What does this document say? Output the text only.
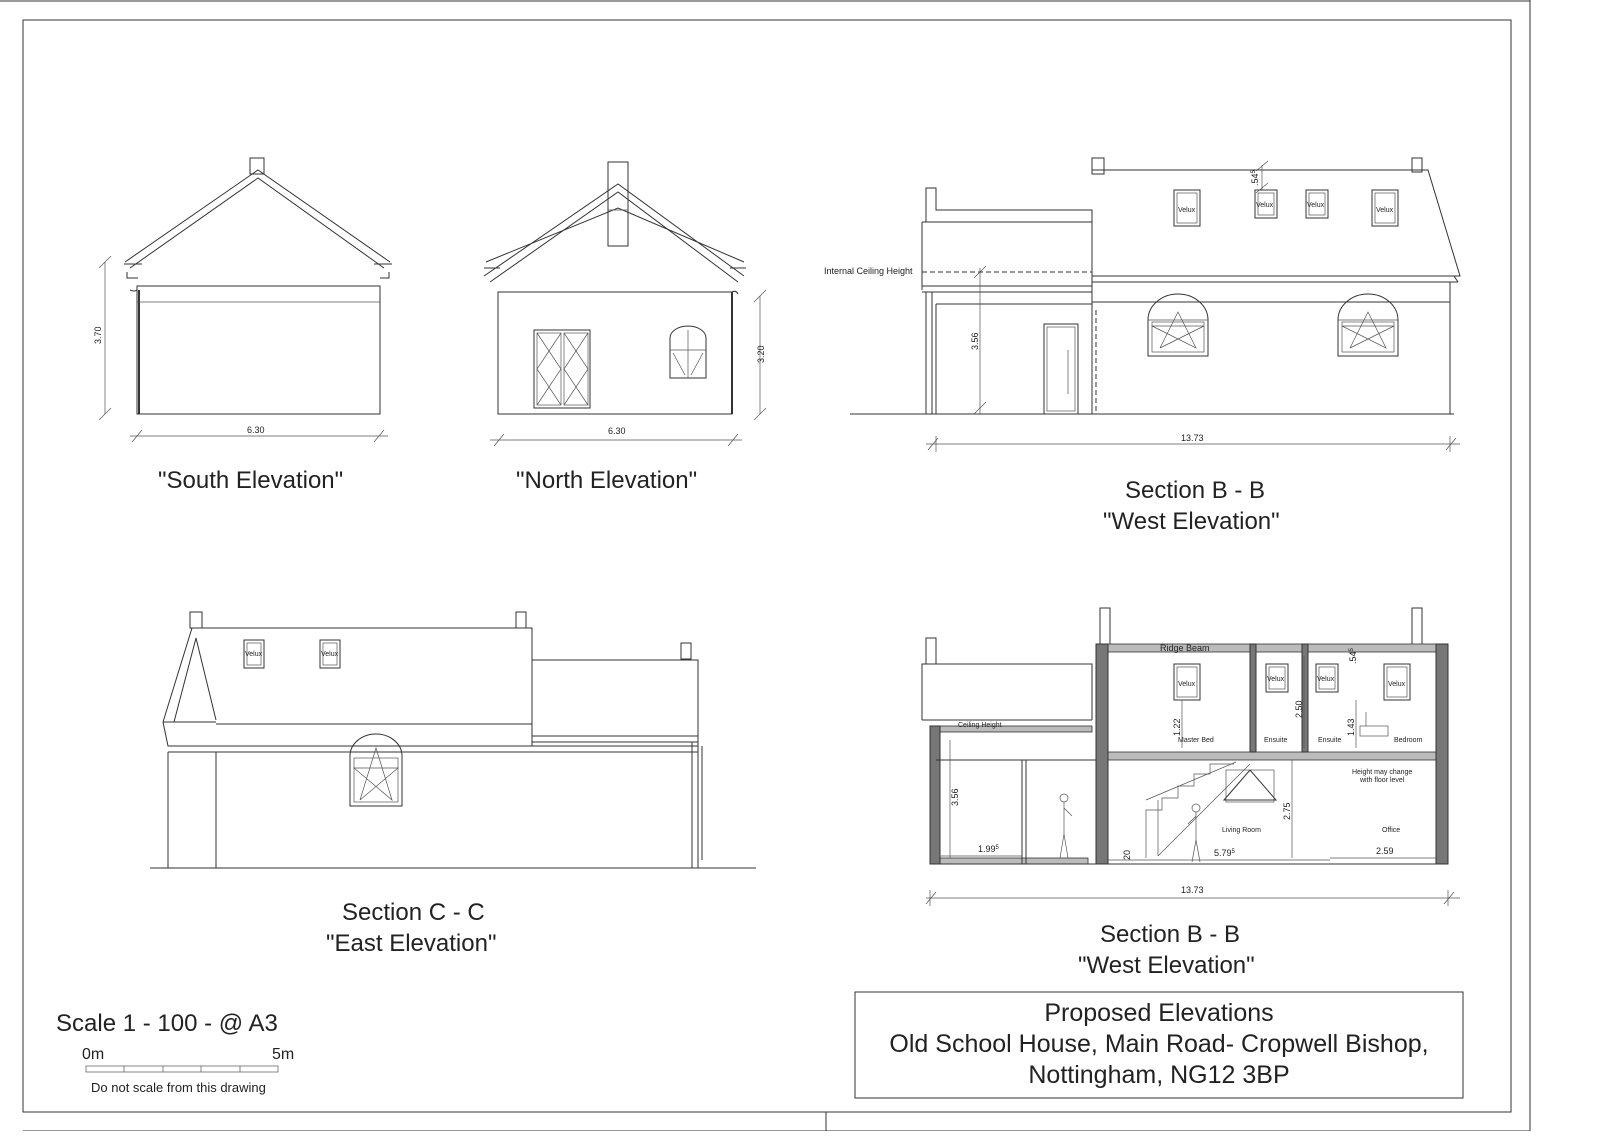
3.70
6.30
"South Elevation"
3.20
6.30
"North Elevation"
Internal Ceiling Height
3.56
Velux
Velux	Velux
Velux
$.54^5$
13.73
Section B - B
"West Elevation"
Velux	Velux
Section C - C
"East Elevation"
Ridge Beam
Ceiling Height
Velux
Velux	Velux
Velux
Master Bed	Ensuite	Ensuite	Bedroom
Living Room	Office
Height may change
with floor level
3.56
1.99$^5$
20	5.79$^5$	2.59
2.75
1.22
2.50
1.43
$.54^5$
13.73
Section B - B
"West Elevation"
Scale 1 - 100 - @ A3
0m	5m
Do not scale from this drawing
Proposed Elevations
Old School House, Main Road- Cropwell Bishop,
Nottingham, NG12 3BP
